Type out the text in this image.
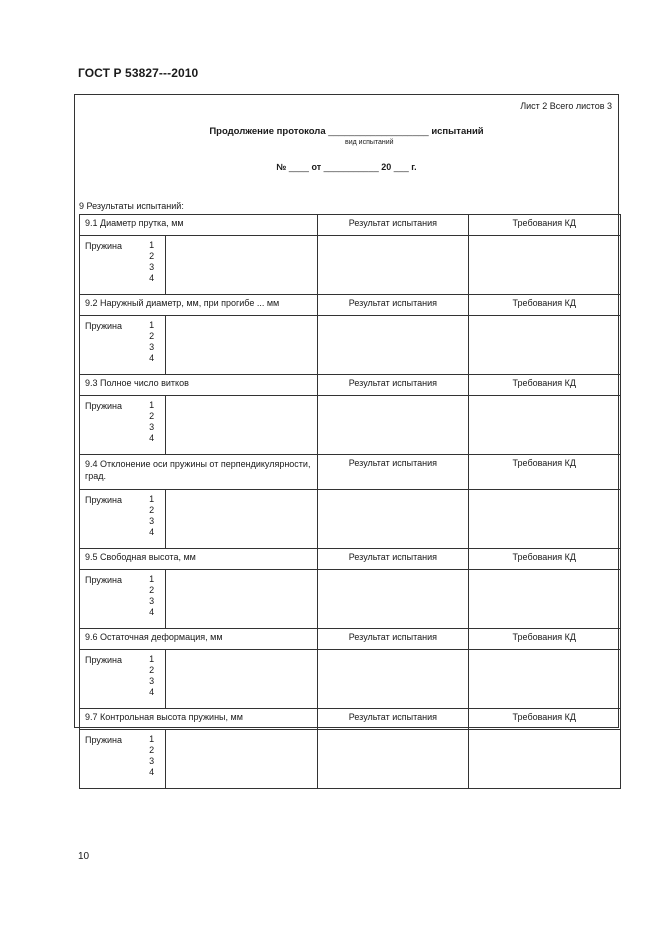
ГОСТ Р 53827---2010
Лист 2 Всего листов 3
Продолжение протокола ___________________ испытаний
вид испытаний
№ ____ от ___________ 20 ___ г.
9 Результаты испытаний:
9.1 Диаметр прутка, мм			Результат испытания	Требования КД
Пружина	1
2
3
4			

9.2 Наружный диаметр, мм, при прогибе ... мм			Результат испытания	Требования КД
Пружина	1
2
3
4			

9.3 Полное число витков			Результат испытания	Требования КД
Пружина	1
2
3
4			

9.4 Отклонение оси пружины от перпендикулярности, град.			Результат испытания	Требования КД
Пружина	1
2
3
4			

9.5 Свободная высота, мм			Результат испытания	Требования КД
Пружина	1
2
3
4			

9.6 Остаточная деформация, мм			Результат испытания	Требования КД
Пружина	1
2
3
4			

9.7 Контрольная высота пружины, мм			Результат испытания	Требования КД
Пружина	1
2
3
4			

10
